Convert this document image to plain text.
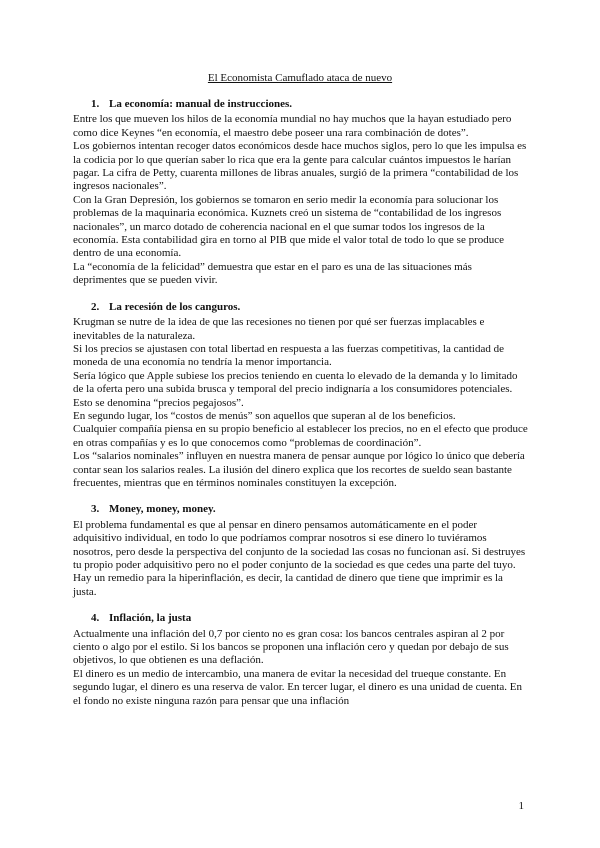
El Economista Camuflado ataca de nuevo

1. La economía: manual de instrucciones.

Entre los que mueven los hilos de la economía mundial no hay muchos que la hayan estudiado pero como dice Keynes “en economía, el maestro debe poseer una rara combinación de dotes”.

Los gobiernos intentan recoger datos económicos desde hace muchos siglos, pero lo que les impulsa es la codicia por lo que querían saber lo rica que era la gente para calcular cuántos impuestos le harían pagar. La cifra de Petty, cuarenta millones de libras anuales, surgió de la primera “contabilidad de los ingresos nacionales”.

Con la Gran Depresión, los gobiernos se tomaron en serio medir la economía para solucionar los problemas de la maquinaria económica. Kuznets creó un sistema de “contabilidad de los ingresos nacionales”, un marco dotado de coherencia nacional en el que sumar todos los ingresos de la economía. Esta contabilidad gira en torno al PIB que mide el valor total de todo lo que se produce dentro de una economía.

La “economía de la felicidad” demuestra que estar en el paro es una de las situaciones más deprimentes que se pueden vivir.

2. La recesión de los canguros.

Krugman se nutre de la idea de que las recesiones no tienen por qué ser fuerzas implacables e inevitables de la naturaleza.

Si los precios se ajustasen con total libertad en respuesta a las fuerzas competitivas, la cantidad de moneda de una economía no tendría la menor importancia.

Sería lógico que Apple subiese los precios teniendo en cuenta lo elevado de la demanda y lo limitado de la oferta pero una subida brusca y temporal del precio indignaría a los consumidores potenciales. Esto se denomina “precios pegajosos”.

En segundo lugar, los “costos de menús” son aquellos que superan al de los beneficios.

Cualquier compañía piensa en su propio beneficio al establecer los precios, no en el efecto que produce en otras compañías y es lo que conocemos como “problemas de coordinación”.

Los “salarios nominales” influyen en nuestra manera de pensar aunque por lógico lo único que debería contar sean los salarios reales. La ilusión del dinero explica que los recortes de sueldo sean bastante frecuentes, mientras que en términos nominales constituyen la excepción.

3. Money, money, money.

El problema fundamental es que al pensar en dinero pensamos automáticamente en el poder adquisitivo individual, en todo lo que podríamos comprar nosotros si ese dinero lo tuviéramos nosotros, pero desde la perspectiva del conjunto de la sociedad las cosas no funcionan así. Si destruyes tu propio poder adquisitivo pero no el poder conjunto de la sociedad es que cedes una parte del tuyo.

Hay un remedio para la hiperinflación, es decir, la cantidad de dinero que tiene que imprimir es la justa.

4. Inflación, la justa

Actualmente una inflación del 0,7 por ciento no es gran cosa: los bancos centrales aspiran al 2 por ciento o algo por el estilo. Si los bancos se proponen una inflación cero y quedan por debajo de sus objetivos, lo que obtienen es una deflación.

El dinero es un medio de intercambio, una manera de evitar la necesidad del trueque constante. En segundo lugar, el dinero es una reserva de valor. En tercer lugar, el dinero es una unidad de cuenta. En el fondo no existe ninguna razón para pensar que una inflación

1
